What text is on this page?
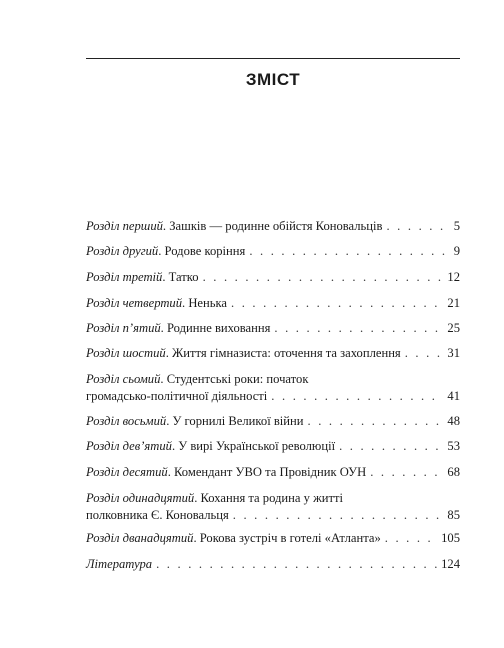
ЗМІСТ
Розділ перший . Зашків — родинне обійстя Коновальців . . .	5
Розділ другий . Родове коріння . . .	9
Розділ третій . Татко . . .	12
Розділ четвертий . Ненька . . .	21
Розділ п’ятий . Родинне виховання . . .	25
Розділ шостий . Життя гімназиста: оточення та захоплення . . .	31
Розділ сьомий . Студентські роки: початок
громадсько-політичної діяльності . . .	41
Розділ восьмий . У горнилі Великої війни . . .	48
Розділ дев’ятий . У вирі Української революції . . .	53
Розділ десятий . Комендант УВО та Провідник ОУН . . .	68
Розділ одинадцятий . Кохання та родина у житті
полковника Є. Коновальця . . .	85
Розділ дванадцятий . Рокова зустріч в готелі «Атланта» . . .	105
Література . . .	124
